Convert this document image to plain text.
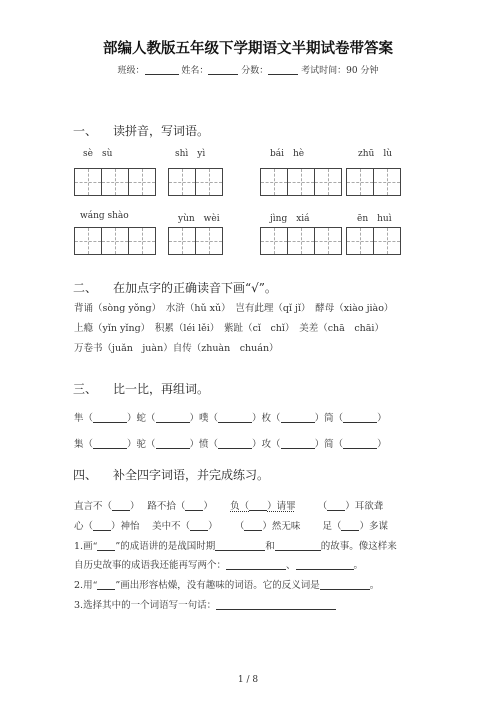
部编人教版五年级下学期语文半期试卷带答案
班级：	姓名：	分数：	考试时间：90 分钟
一、 读拼音，写词语。
sè　sù	shì　yì	bái　hè	zhū　lù
wáng shào	yùn　wèi	jìng　xiá	ēn　huì
二、 在加点字的正确读音下画“√”。
背诵（sòng yǒng）　 水浒（hǔ xǔ）　 岂有此理（qǐ jǐ）　 酵母（xiào jiào）
上瘾（yǐn yǐng）　 积累（léi lěi）　 紫趾（cǐ　chǐ）　 美差（chā　chāi）
万卷书（juǎn　juàn）自传（zhuàn　chuán）
三、 比一比，再组词。
隼（	）蛇（	）噗（	）枚（	）筒（	）
集（	）驼（	）愤（	）攻（	）简（	）
四、 补全四字词语，并完成练习。
直言不（ ）　 路不拾（ ）　　 负（ ）请罪　　 （ ）耳欲聋
心（ ）神怡　 美中不（ ）　　 （ ）然无味　　 足（ ）多谋
1.画“ ”的成语讲的是战国时期	和	的故事。像这样来
自历史故事的成语我还能再写两个：	、	。
2.用“ ”画出形容枯燥，没有趣味的词语。它的反义词是	。
3.选择其中的一个词语写一句话：
1 / 8
